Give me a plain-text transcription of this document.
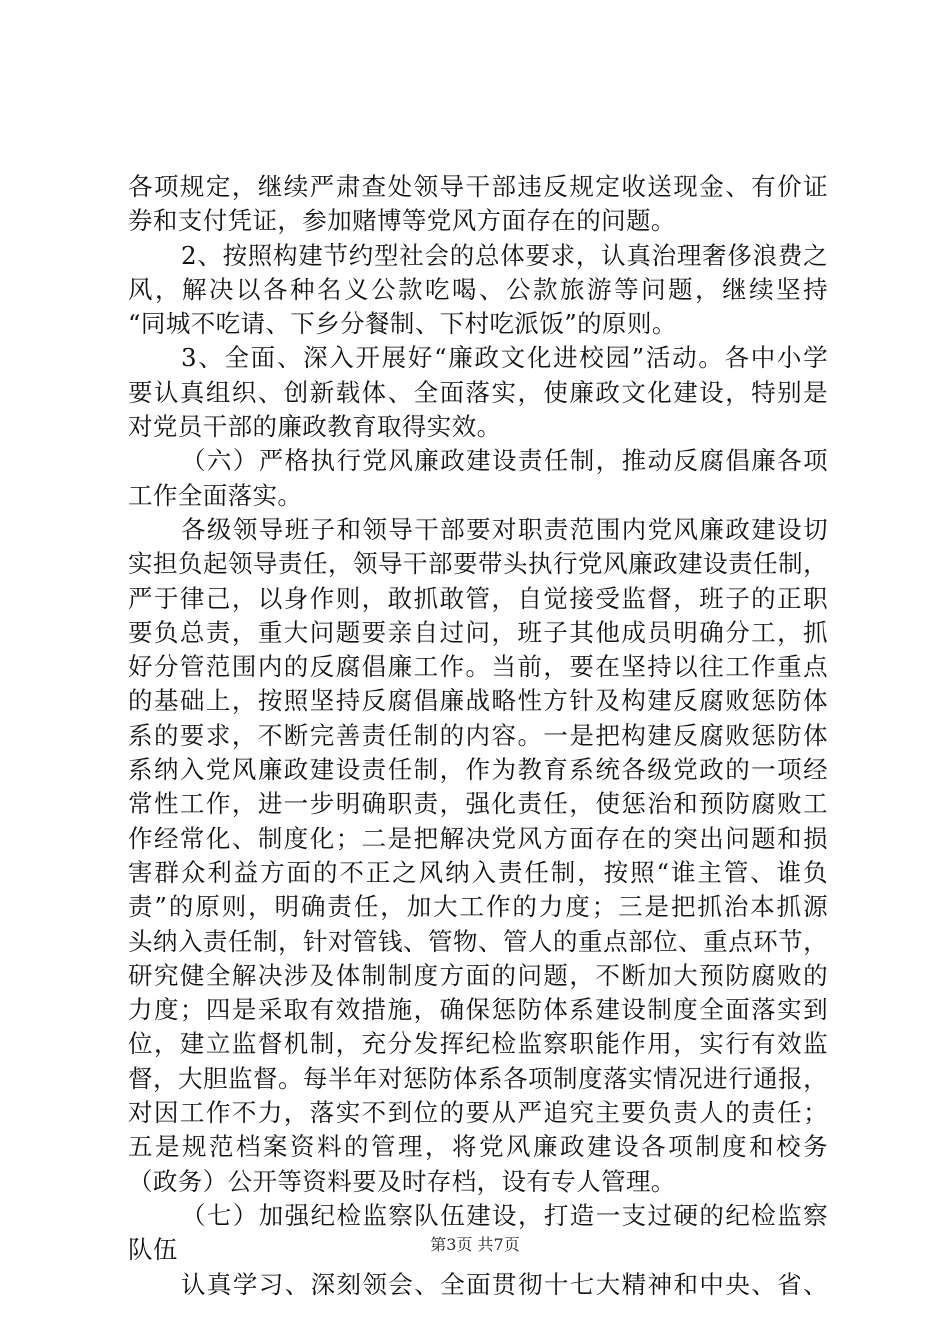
各项规定，继续严肃查处领导干部违反规定收送现金、有价证
券和支付凭证，参加赌博等党风方面存在的问题。
2、按照构建节约型社会的总体要求，认真治理奢侈浪费之
风，解决以各种名义公款吃喝、公款旅游等问题，继续坚持
“同城不吃请、下乡分餐制、下村吃派饭”的原则。
3、全面、深入开展好“廉政文化进校园”活动。各中小学
要认真组织、创新载体、全面落实，使廉政文化建设，特别是
对党员干部的廉政教育取得实效。
（六）严格执行党风廉政建设责任制，推动反腐倡廉各项
工作全面落实。
各级领导班子和领导干部要对职责范围内党风廉政建设切
实担负起领导责任，领导干部要带头执行党风廉政建设责任制，
严于律己，以身作则，敢抓敢管，自觉接受监督，班子的正职
要负总责，重大问题要亲自过问，班子其他成员明确分工，抓
好分管范围内的反腐倡廉工作。当前，要在坚持以往工作重点
的基础上，按照坚持反腐倡廉战略性方针及构建反腐败惩防体
系的要求，不断完善责任制的内容。一是把构建反腐败惩防体
系纳入党风廉政建设责任制，作为教育系统各级党政的一项经
常性工作，进一步明确职责，强化责任，使惩治和预防腐败工
作经常化、制度化；二是把解决党风方面存在的突出问题和损
害群众利益方面的不正之风纳入责任制，按照“谁主管、谁负
责”的原则，明确责任，加大工作的力度；三是把抓治本抓源
头纳入责任制，针对管钱、管物、管人的重点部位、重点环节，
研究健全解决涉及体制制度方面的问题，不断加大预防腐败的
力度；四是采取有效措施，确保惩防体系建设制度全面落实到
位，建立监督机制，充分发挥纪检监察职能作用，实行有效监
督，大胆监督。每半年对惩防体系各项制度落实情况进行通报，
对因工作不力，落实不到位的要从严追究主要负责人的责任；
五是规范档案资料的管理，将党风廉政建设各项制度和校务
（政务）公开等资料要及时存档，设有专人管理。
（七）加强纪检监察队伍建设，打造一支过硬的纪检监察
队伍
认真学习、深刻领会、全面贯彻十七大精神和中央、省、
第3页 共7页
